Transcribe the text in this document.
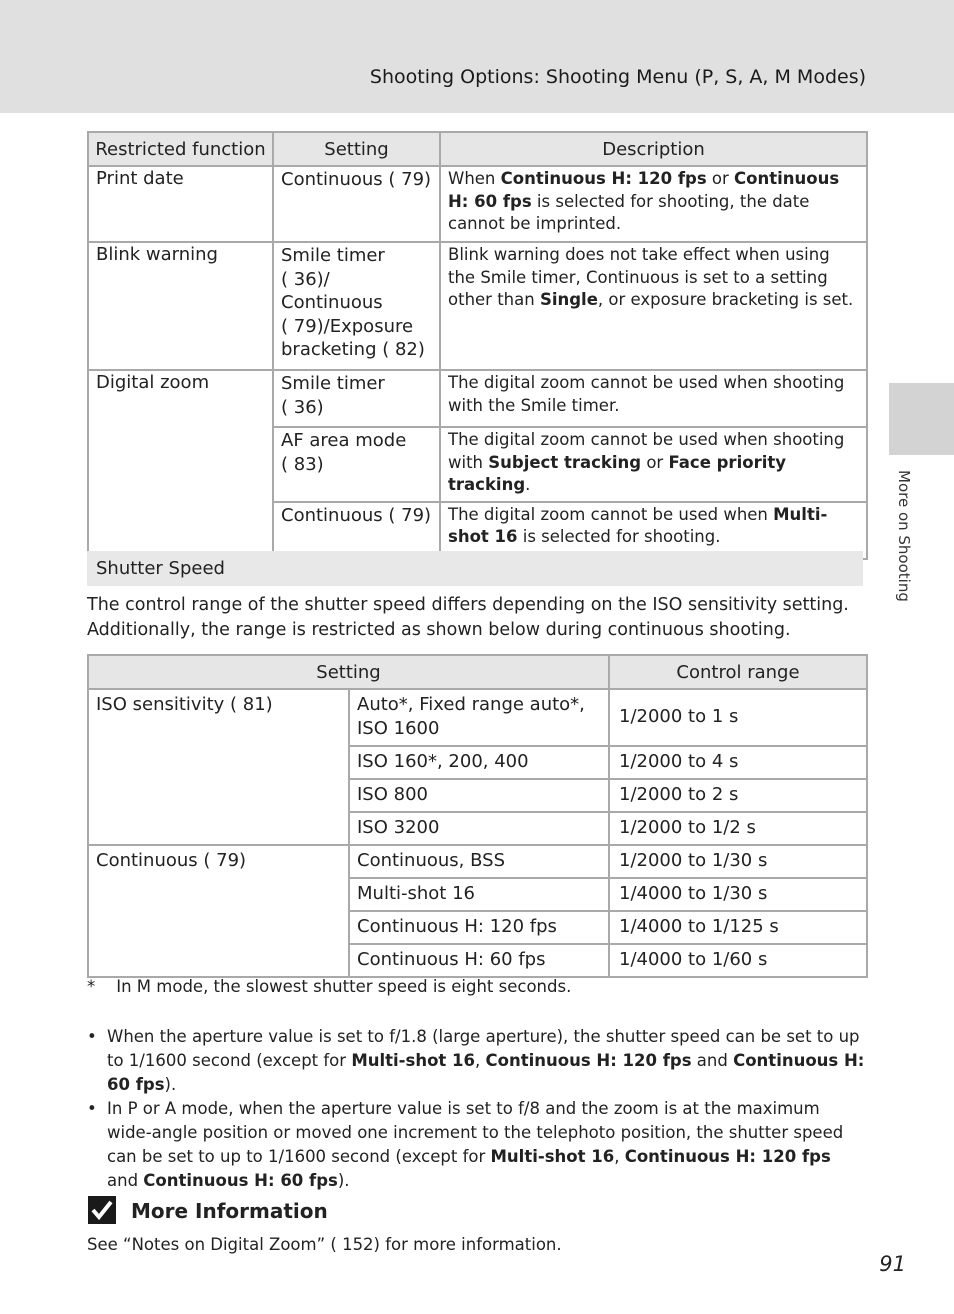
Shooting Options: Shooting Menu (P, S, A, M Modes)
More on Shooting
Restricted function	Setting	Description
Print date	Continuous ( 79)	When Continuous H: 120 fps or Continuous H: 60 fps is selected for shooting, the date cannot be imprinted.
Blink warning	Smile timer ( 36)/ Continuous ( 79)/Exposure bracketing ( 82)	Blink warning does not take effect when using the Smile timer, Continuous is set to a setting other than Single, or exposure bracketing is set.
Digital zoom	Smile timer ( 36)	The digital zoom cannot be used when shooting with the Smile timer.
	AF area mode ( 83)	The digital zoom cannot be used when shooting with Subject tracking or Face priority tracking.
	Continuous ( 79)	The digital zoom cannot be used when Multi-shot 16 is selected for shooting.
Shutter Speed

The control range of the shutter speed differs depending on the ISO sensitivity setting. Additionally, the range is restricted as shown below during continuous shooting.

Setting		Control range
ISO sensitivity ( 81)	Auto*, Fixed range auto*, ISO 1600	1/2000 to 1 s
	ISO 160*, 200, 400	1/2000 to 4 s
	ISO 800	1/2000 to 2 s
	ISO 3200	1/2000 to 1/2 s
Continuous ( 79)	Continuous, BSS	1/2000 to 1/30 s
	Multi-shot 16	1/4000 to 1/30 s
	Continuous H: 120 fps	1/4000 to 1/125 s
	Continuous H: 60 fps	1/4000 to 1/60 s

*    In M mode, the slowest shutter speed is eight seconds.

• When the aperture value is set to f/1.8 (large aperture), the shutter speed can be set to up to 1/1600 second (except for Multi-shot 16, Continuous H: 120 fps and Continuous H: 60 fps).
• In P or A mode, when the aperture value is set to f/8 and the zoom is at the maximum wide-angle position or moved one increment to the telephoto position, the shutter speed can be set to up to 1/1600 second (except for Multi-shot 16, Continuous H: 120 fps and Continuous H: 60 fps).
More Information

See “Notes on Digital Zoom” ( 152) for more information.

91
